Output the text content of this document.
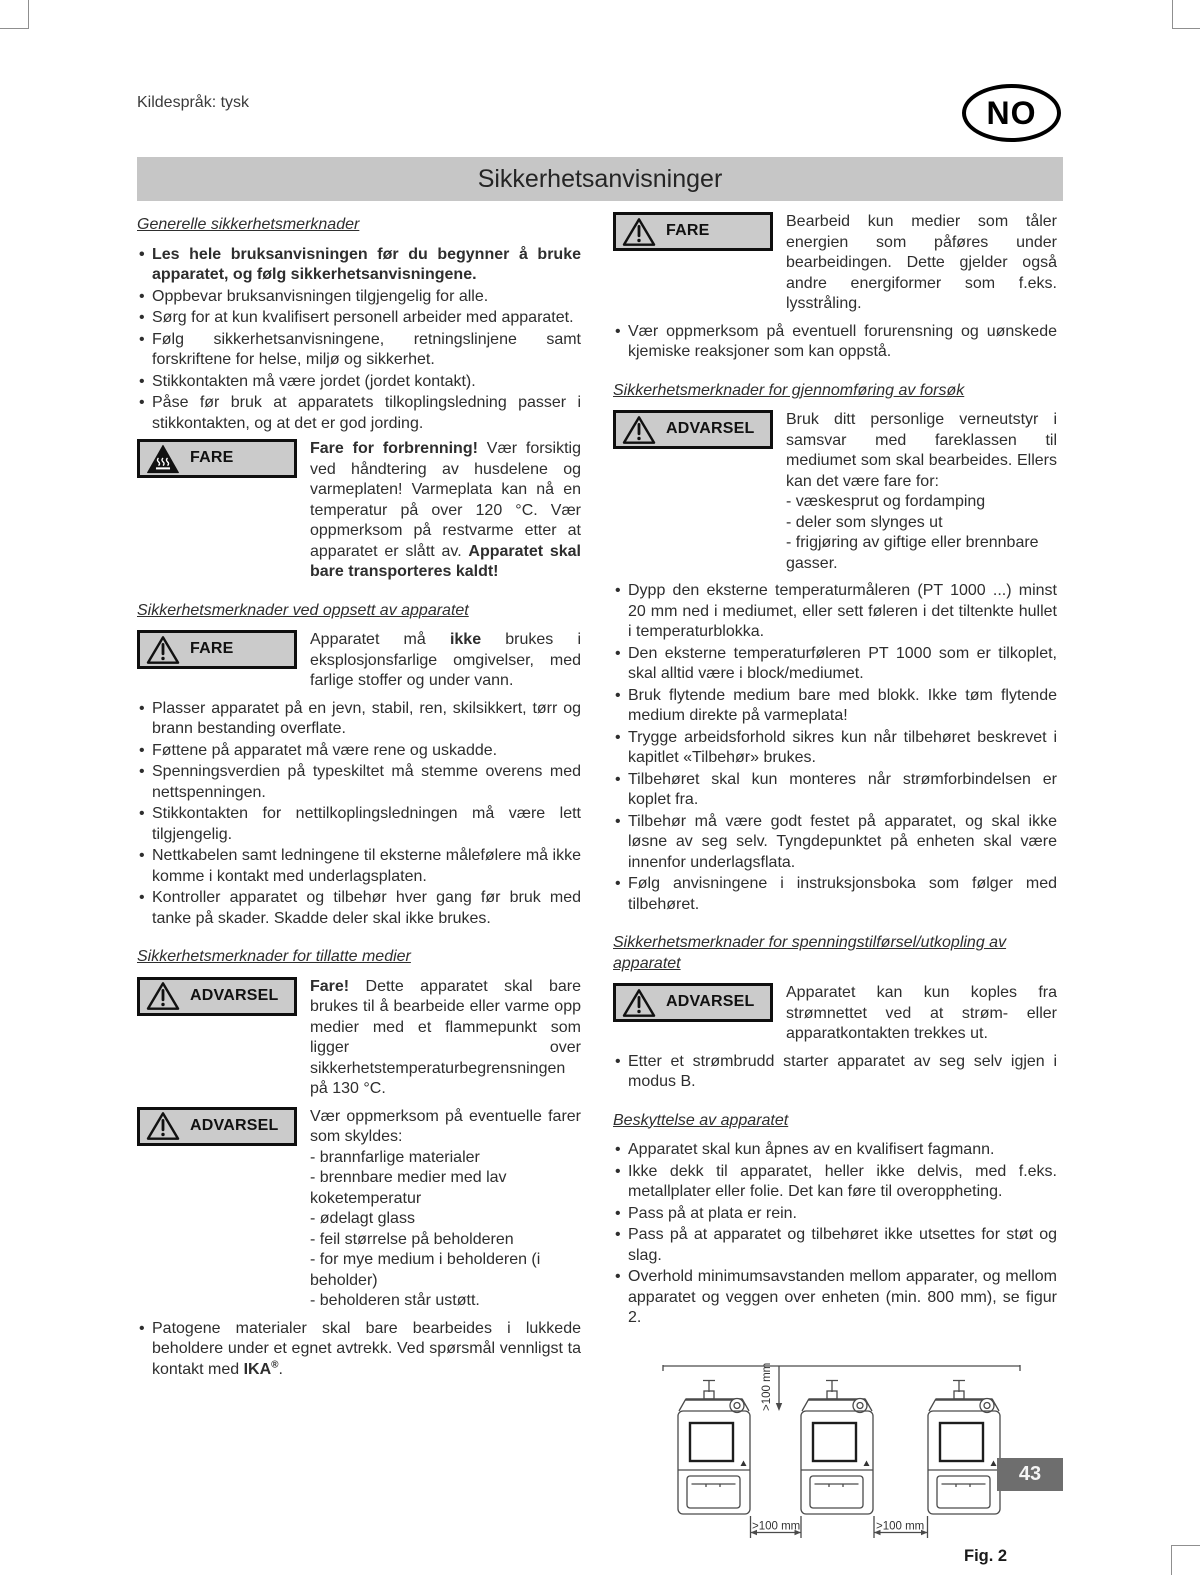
Kildespråk: tysk	NO
Sikkerhetsanvisninger
Generelle sikkerhetsmerknader
• Les hele bruksanvisningen før du begynner å bruke apparatet, og følg sikkerhetsanvisningene.
• Oppbevar bruksanvisningen tilgjengelig for alle.
• Sørg for at kun kvalifisert personell arbeider med apparatet.
• Følg sikkerhetsanvisningene, retningslinjene samt forskriftene for helse, miljø og sikkerhet.
• Stikkontakten må være jordet (jordet kontakt).
• Påse før bruk at apparatets tilkoplingsledning passer i stikkontakten, og at det er god jording.
FARE
Fare for forbrenning! Vær forsiktig ved håndtering av husdelene og varmeplaten! Varmeplata kan nå en temperatur på over 120 °C. Vær oppmerksom på restvarme etter at apparatet er slått av. Apparatet skal bare transporteres kaldt!
Sikkerhetsmerknader ved oppsett av apparatet
FARE
Apparatet må ikke brukes i eksplosjonsfarlige omgivelser, med farlige stoffer og under vann.
• Plasser apparatet på en jevn, stabil, ren, skilsikkert, tørr og brann bestanding overflate.
• Føttene på apparatet må være rene og uskadde.
• Spenningsverdien på typeskiltet må stemme overens med nettspenningen.
• Stikkontakten for nettilkoplingsledningen må være lett tilgjengelig.
• Nettkabelen samt ledningene til eksterne målefølere må ikke komme i kontakt med underlagsplaten.
• Kontroller apparatet og tilbehør hver gang før bruk med tanke på skader. Skadde deler skal ikke brukes.
Sikkerhetsmerknader for tillatte medier
ADVARSEL
Fare! Dette apparatet skal bare brukes til å bearbeide eller varme opp medier med et flammepunkt som ligger over sikkerhetstemperaturbegrensningen på 130 °C.
ADVARSEL
Vær oppmerksom på eventuelle farer som skyldes:
- brannfarlige materialer
- brennbare medier med lav koketemperatur
- ødelagt glass
- feil størrelse på beholderen
- for mye medium i beholderen (i beholder)
- beholderen står ustøtt.
• Patogene materialer skal bare bearbeides i lukkede beholdere under et egnet avtrekk. Ved spørsmål vennligst ta kontakt med IKA®.
FARE
Bearbeid kun medier som tåler energien som påføres under bearbeidingen. Dette gjelder også andre energiformer som f.eks. lysstråling.
• Vær oppmerksom på eventuell forurensning og uønskede kjemiske reaksjoner som kan oppstå.
Sikkerhetsmerknader for gjennomføring av forsøk
ADVARSEL
Bruk ditt personlige verneutstyr i samsvar med fareklassen til mediumet som skal bearbeides. Ellers kan det være fare for:
- væskesprut og fordamping
- deler som slynges ut
- frigjøring av giftige eller brennbare gasser.
• Dypp den eksterne temperaturmåleren (PT 1000 ...) minst 20 mm ned i mediumet, eller sett føleren i det tiltenkte hullet i temperaturblokka.
• Den eksterne temperaturføleren PT 1000 som er tilkoplet, skal alltid være i block/mediumet.
• Bruk flytende medium bare med blokk. Ikke tøm flytende medium direkte på varmeplata!
• Trygge arbeidsforhold sikres kun når tilbehøret beskrevet i kapitlet «Tilbehør» brukes.
• Tilbehøret skal kun monteres når strømforbindelsen er koplet fra.
• Tilbehør må være godt festet på apparatet, og skal ikke løsne av seg selv. Tyngdepunktet på enheten skal være innenfor underlagsflata.
• Følg anvisningene i instruksjonsboka som følger med tilbehøret.
Sikkerhetsmerknader for spenningstilførsel/utkopling av apparatet
ADVARSEL
Apparatet kan kun koples fra strømnettet ved at strøm- eller apparatkontakten trekkes ut.
• Etter et strømbrudd starter apparatet av seg selv igjen i modus B.
Beskyttelse av apparatet
• Apparatet skal kun åpnes av en kvalifisert fagmann.
• Ikke dekk til apparatet, heller ikke delvis, med f.eks. metallplater eller folie. Det kan føre til overoppheting.
• Pass på at plata er rein.
• Pass på at apparatet og tilbehøret ikke utsettes for støt og slag.
• Overhold minimumsavstanden mellom apparater, og mellom apparatet og veggen over enheten (min. 800 mm), se figur 2.
>100 mm
>100 mm	>100 mm
Fig. 2
43
